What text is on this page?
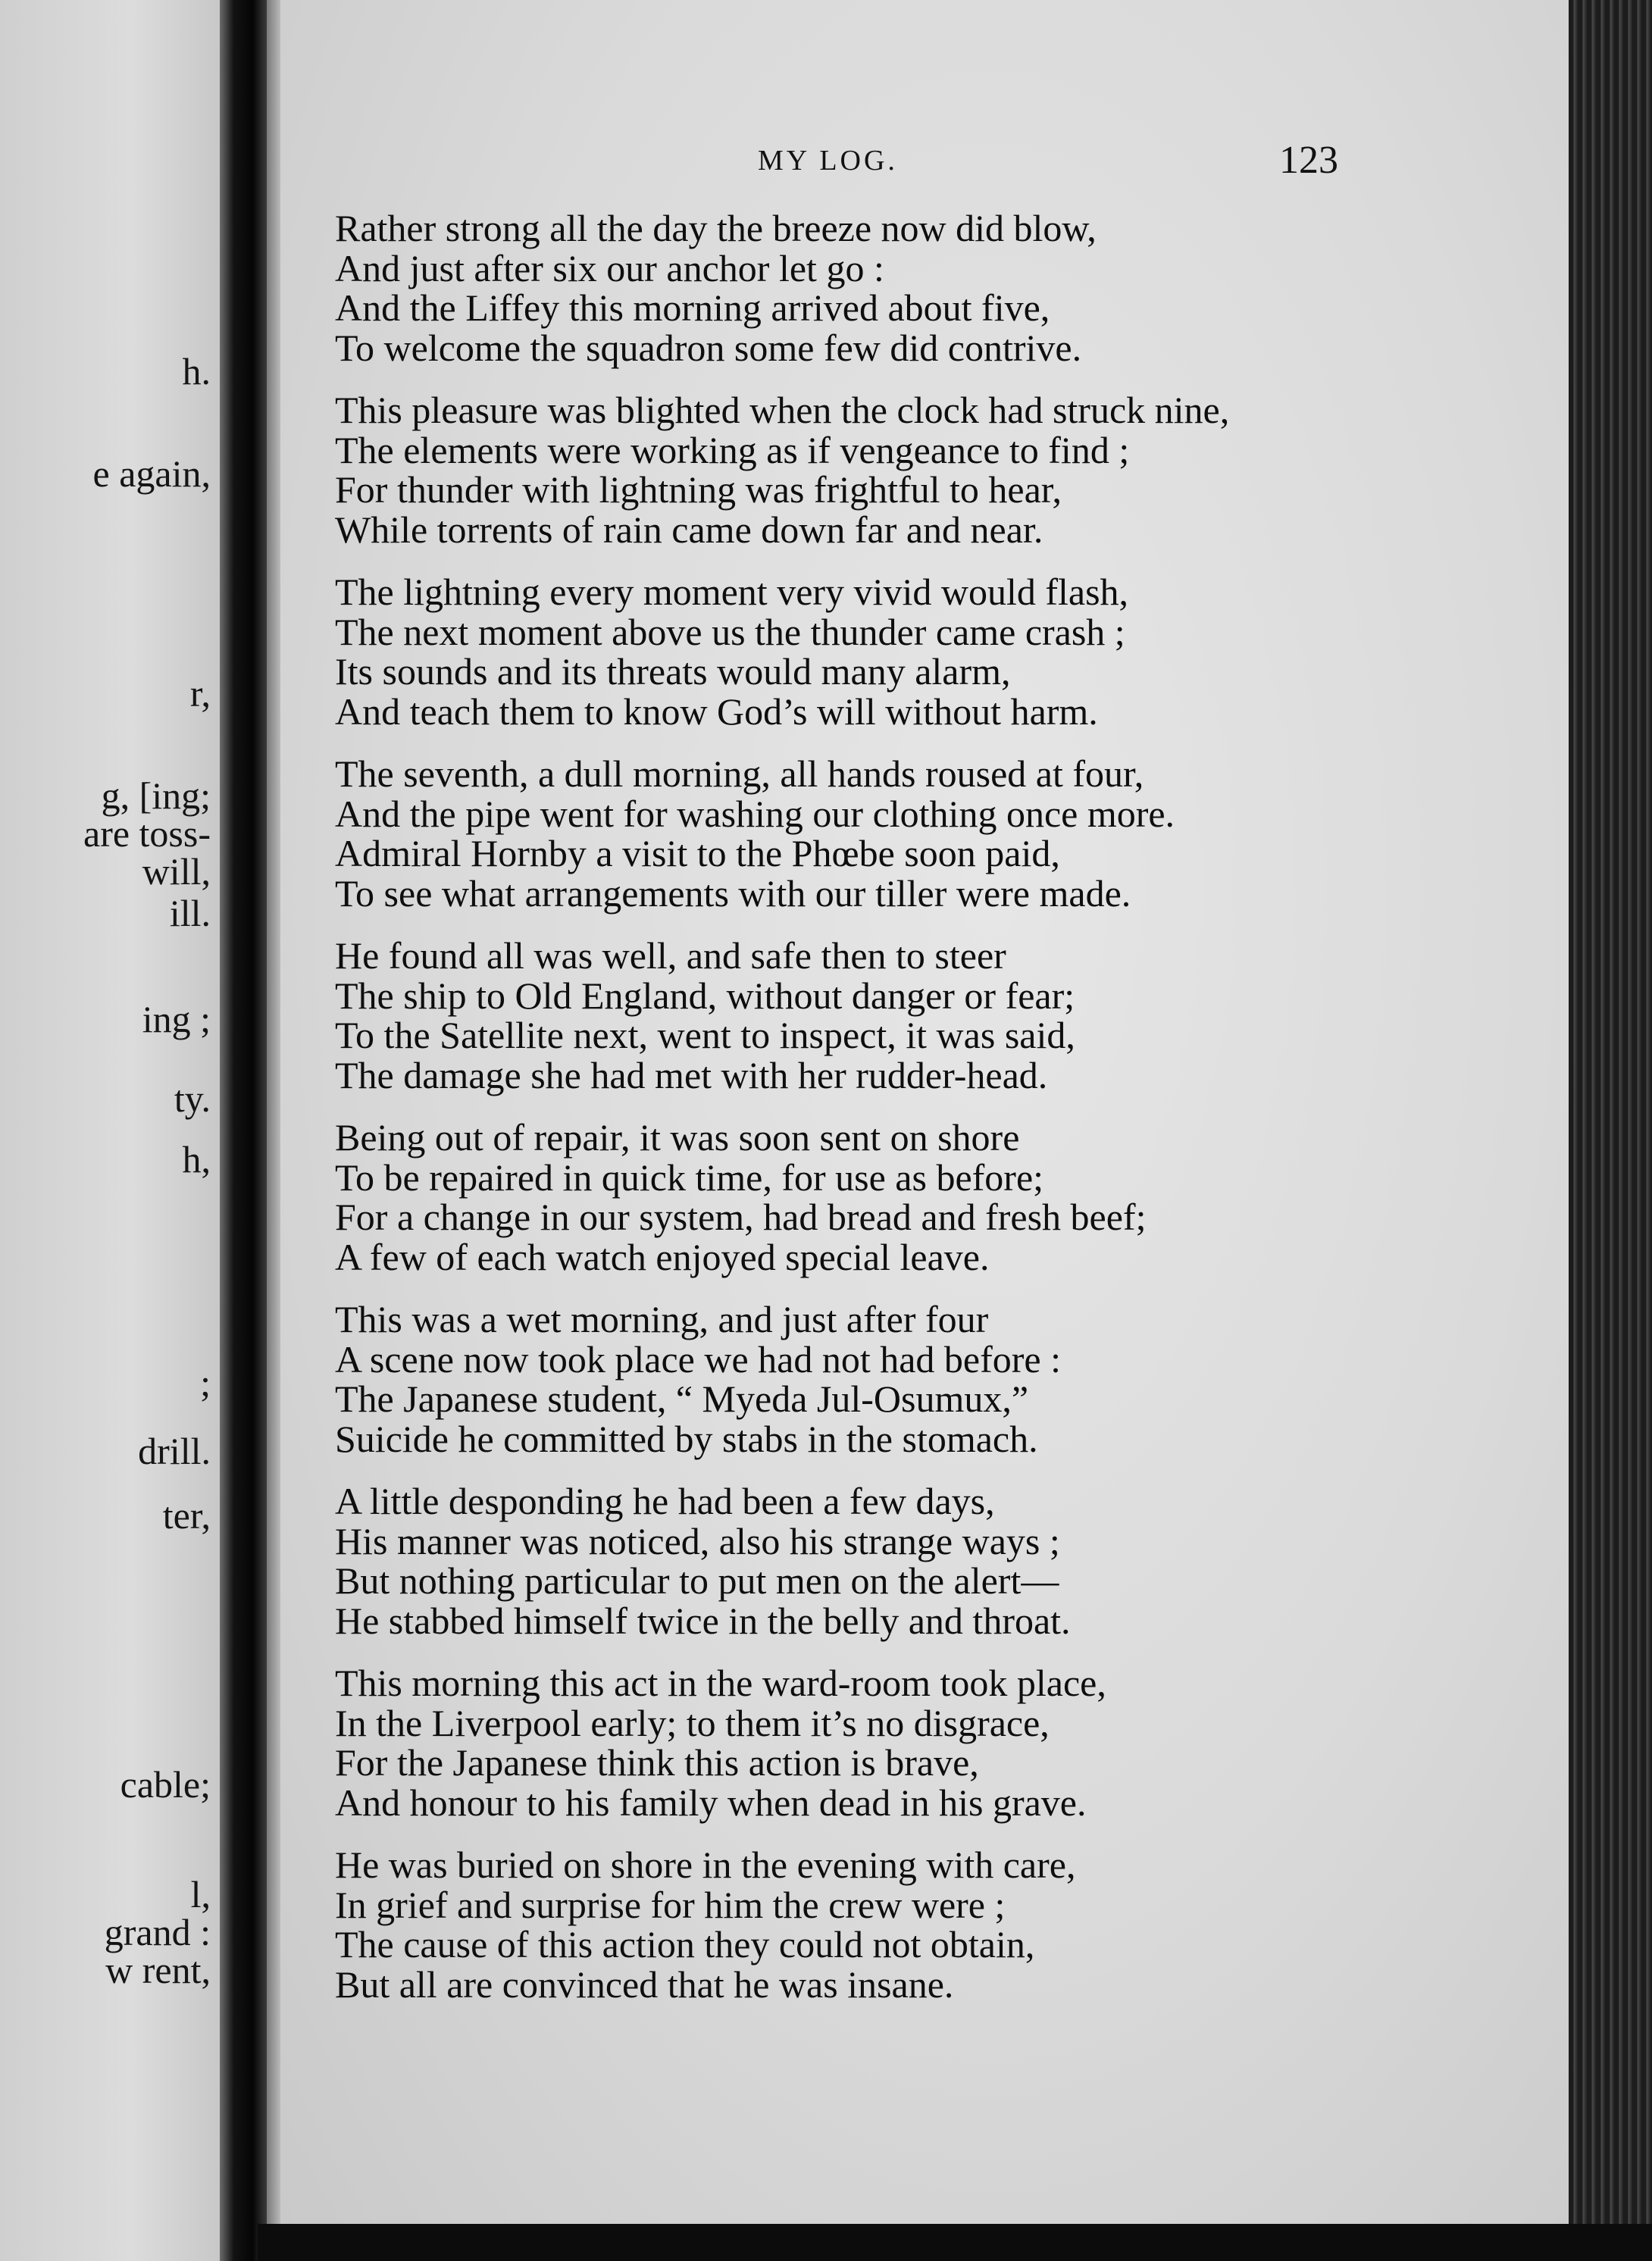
h.
e again,
r,
g, [ing;
are toss-
will,
ill.
ing ;
ty.
h,
;
drill.
ter,
cable;
l,
grand :
w rent,
MY LOG.	123
Rather strong all the day the breeze now did blow,
And just after six our anchor let go :
And the Liffey this morning arrived about five,
To welcome the squadron some few did contrive.
This pleasure was blighted when the clock had struck nine,
The elements were working as if vengeance to find ;
For thunder with lightning was frightful to hear,
While torrents of rain came down far and near.
The lightning every moment very vivid would flash,
The next moment above us the thunder came crash ;
Its sounds and its threats would many alarm,
And teach them to know God’s will without harm.
The seventh, a dull morning, all hands roused at four,
And the pipe went for washing our clothing once more.
Admiral Hornby a visit to the Phœbe soon paid,
To see what arrangements with our tiller were made.
He found all was well, and safe then to steer
The ship to Old England, without danger or fear;
To the Satellite next, went to inspect, it was said,
The damage she had met with her rudder-head.
Being out of repair, it was soon sent on shore
To be repaired in quick time, for use as before;
For a change in our system, had bread and fresh beef;
A few of each watch enjoyed special leave.
This was a wet morning, and just after four
A scene now took place we had not had before :
The Japanese student, “ Myeda Jul-Osumux,”
Suicide he committed by stabs in the stomach.
A little desponding he had been a few days,
His manner was noticed, also his strange ways ;
But nothing particular to put men on the alert—
He stabbed himself twice in the belly and throat.
This morning this act in the ward-room took place,
In the Liverpool early; to them it’s no disgrace,
For the Japanese think this action is brave,
And honour to his family when dead in his grave.
He was buried on shore in the evening with care,
In grief and surprise for him the crew were ;
The cause of this action they could not obtain,
But all are convinced that he was insane.
